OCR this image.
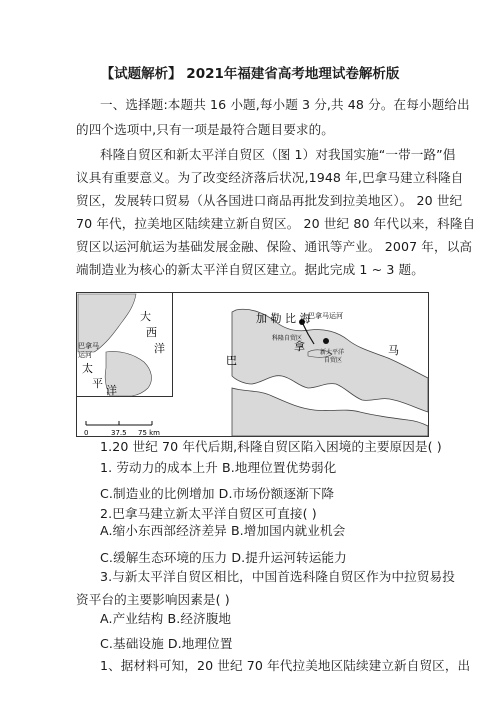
【试题解析】 2021年福建省高考地理试卷解析版
一、选择题:本题共 16 小题,每小题 3 分,共 48 分。在每小题给出
的四个选项中,只有一项是最符合题目要求的。
科隆自贸区和新太平洋自贸区（图 1）对我国实施“一带一路”倡
议具有重要意义。为了改变经济落后状况,1948 年,巴拿马建立科隆自
贸区，发展转口贸易（从各国进口商品再批发到拉美地区）。 20 世纪
70 年代，拉美地区陆续建立新自贸区。 20 世纪 80 年代以来，科隆自
贸区以运河航运为基础发展金融、保险、通讯等产业。 2007 年，以高
端制造业为核心的新太平洋自贸区建立。据此完成 1 ~ 3 题。
大
西
洋
巴拿马
运河
太
平
洋
加 勒 比 海
科隆自贸区
巴拿马运河
巴
拿	马
新太平洋
自贸区
0	37.5 75 km
1.20 世纪 70 年代后期,科隆自贸区陷入困境的主要原因是( )
1. 劳动力的成本上升 B.地理位置优势弱化
C.制造业的比例增加 D.市场份额逐渐下降
2.巴拿马建立新太平洋自贸区可直接( )
A.缩小东西部经济差异 B.增加国内就业机会
C.缓解生态环境的压力 D.提升运河转运能力
3.与新太平洋自贸区相比，中国首选科隆自贸区作为中拉贸易投
资平台的主要影响因素是( )
A.产业结构 B.经济腹地
C.基础设施 D.地理位置
1、据材料可知，20 世纪 70 年代拉美地区陆续建立新自贸区，出
